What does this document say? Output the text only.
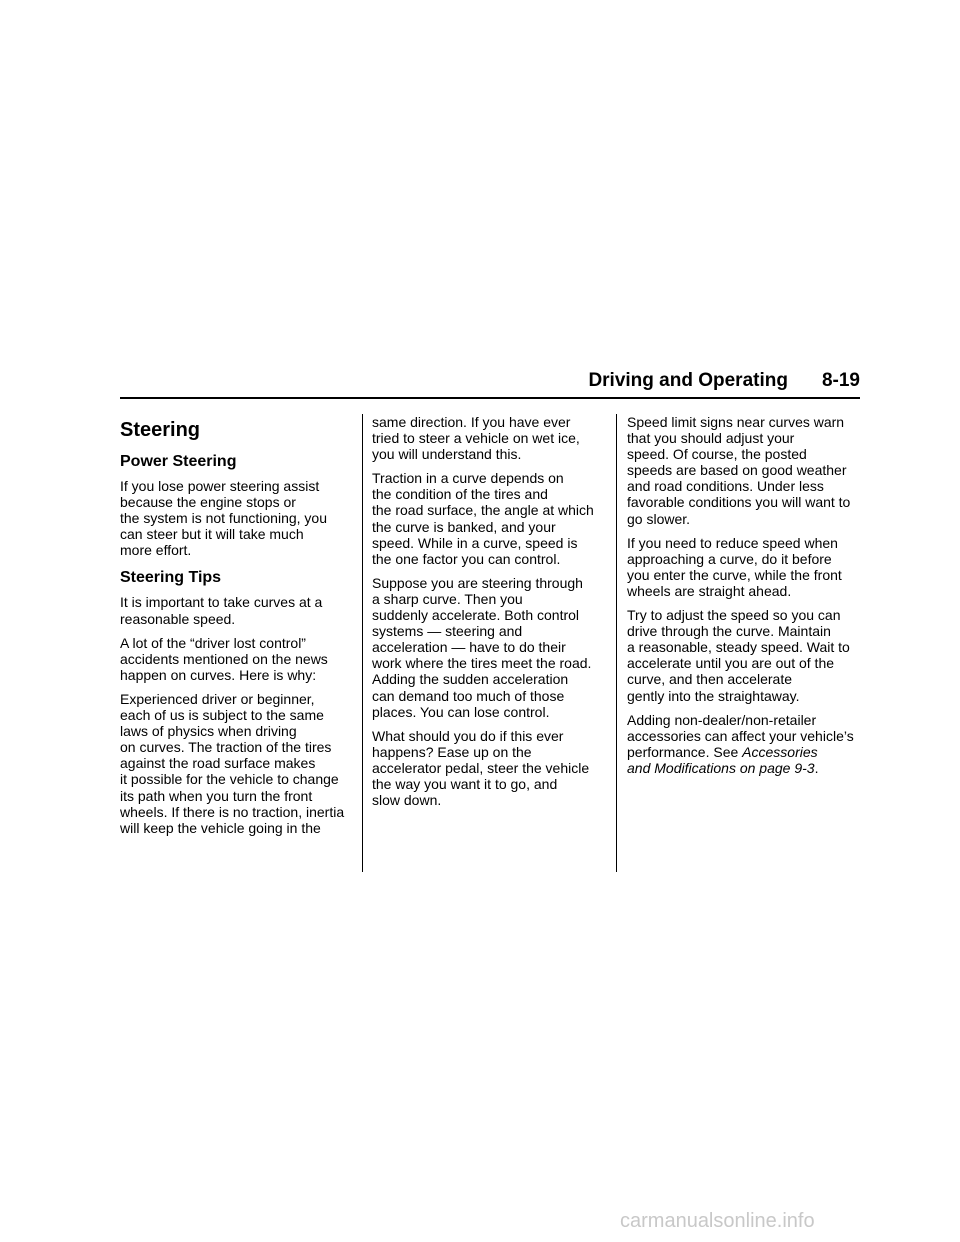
Driving and Operating 8-19
Steering
Power Steering

If you lose power steering assist
because the engine stops or
the system is not functioning, you
can steer but it will take much
more effort.

Steering Tips

It is important to take curves at a
reasonable speed.

A lot of the “driver lost control”
accidents mentioned on the news
happen on curves. Here is why:

Experienced driver or beginner,
each of us is subject to the same
laws of physics when driving
on curves. The traction of the tires
against the road surface makes
it possible for the vehicle to change
its path when you turn the front
wheels. If there is no traction, inertia
will keep the vehicle going in the

same direction. If you have ever
tried to steer a vehicle on wet ice,
you will understand this.

Traction in a curve depends on
the condition of the tires and
the road surface, the angle at which
the curve is banked, and your
speed. While in a curve, speed is
the one factor you can control.

Suppose you are steering through
a sharp curve. Then you
suddenly accelerate. Both control
systems — steering and
acceleration — have to do their
work where the tires meet the road.
Adding the sudden acceleration
can demand too much of those
places. You can lose control.

What should you do if this ever
happens? Ease up on the
accelerator pedal, steer the vehicle
the way you want it to go, and
slow down.

Speed limit signs near curves warn
that you should adjust your
speed. Of course, the posted
speeds are based on good weather
and road conditions. Under less
favorable conditions you will want to
go slower.

If you need to reduce speed when
approaching a curve, do it before
you enter the curve, while the front
wheels are straight ahead.

Try to adjust the speed so you can
drive through the curve. Maintain
a reasonable, steady speed. Wait to
accelerate until you are out of the
curve, and then accelerate
gently into the straightaway.

Adding non-dealer/non-retailer
accessories can affect your vehicle’s
performance. See Accessories
and Modifications on page 9-3.

carmanualsonline.info
